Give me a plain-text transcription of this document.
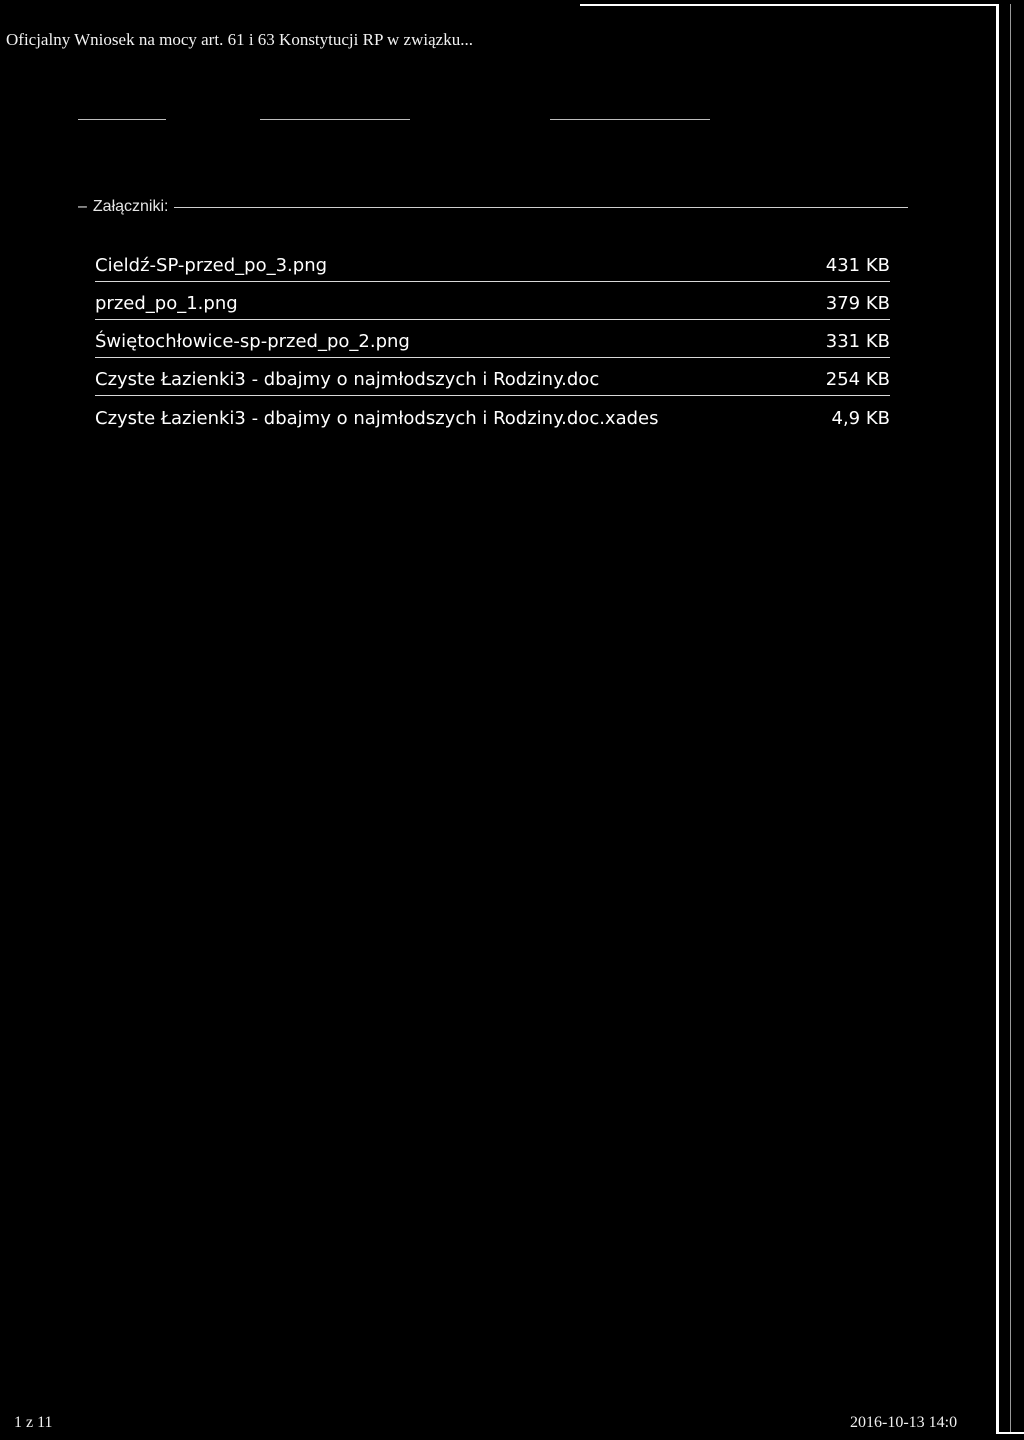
Oficjalny Wniosek na mocy art. 61 i 63 Konstytucji RP w związku...
– Załączniki:
Cieldź-SP-przed_po_3.png	431 KB
przed_po_1.png	379 KB
Świętochłowice-sp-przed_po_2.png	331 KB
Czyste Łazienki3 - dbajmy o najmłodszych i Rodziny.doc	254 KB
Czyste Łazienki3 - dbajmy o najmłodszych i Rodziny.doc.xades	4,9 KB
1 z 11	2016-10-13 14:0
